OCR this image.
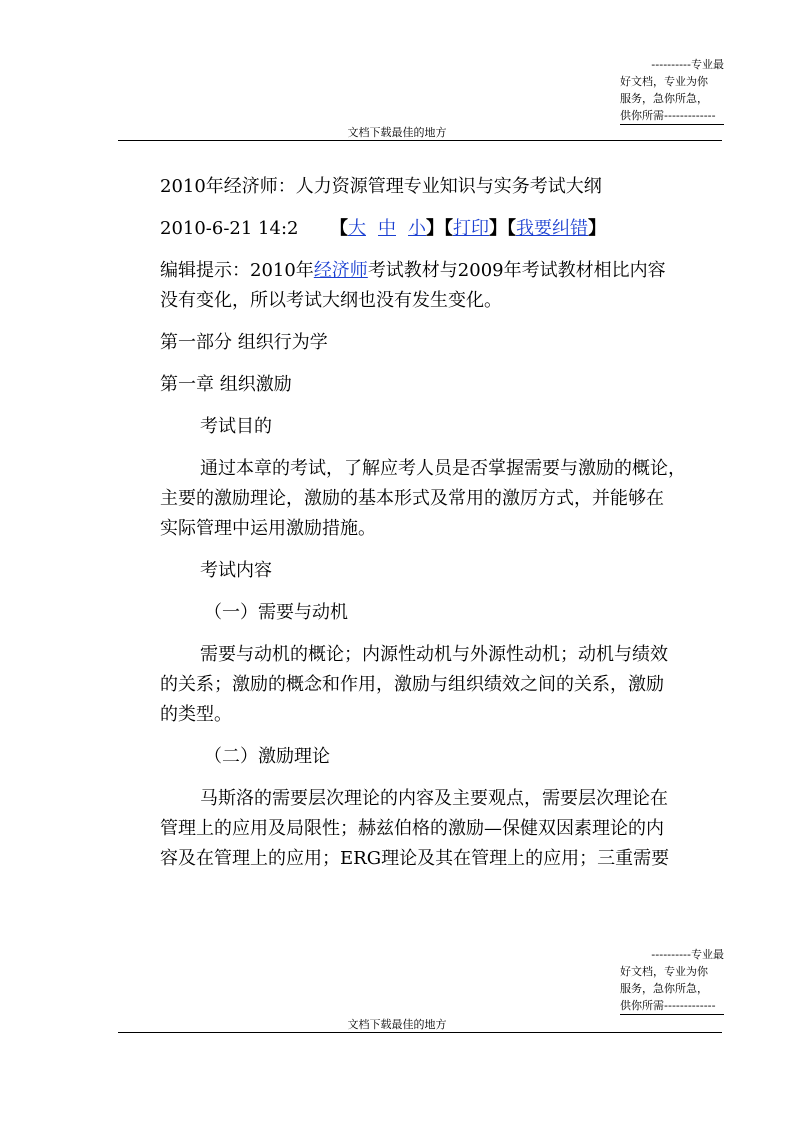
----------专业最
好文档，专业为你
服务，急你所急，
供你所需-------------
文档下载最佳的地方

2010年经济师：人力资源管理专业知识与实务考试大纲

2010-6-21 14:2 【大 中 小】【打印】【我要纠错】

编辑提示：2010年经济师考试教材与2009年考试教材相比内容

没有变化，所以考试大纲也没有发生变化。

第一部分 组织行为学

第一章 组织激励

考试目的

通过本章的考试，了解应考人员是否掌握需要与激励的概论，

主要的激励理论，激励的基本形式及常用的激厉方式，并能够在

实际管理中运用激励措施。

考试内容

（一）需要与动机

需要与动机的概论；内源性动机与外源性动机；动机与绩效

的关系；激励的概念和作用，激励与组织绩效之间的关系，激励

的类型。

（二）激励理论

马斯洛的需要层次理论的内容及主要观点，需要层次理论在

管理上的应用及局限性；赫兹伯格的激励—保健双因素理论的内

容及在管理上的应用；ERG理论及其在管理上的应用；三重需要

----------专业最
好文档，专业为你
服务，急你所急，
供你所需-------------
文档下载最佳的地方
